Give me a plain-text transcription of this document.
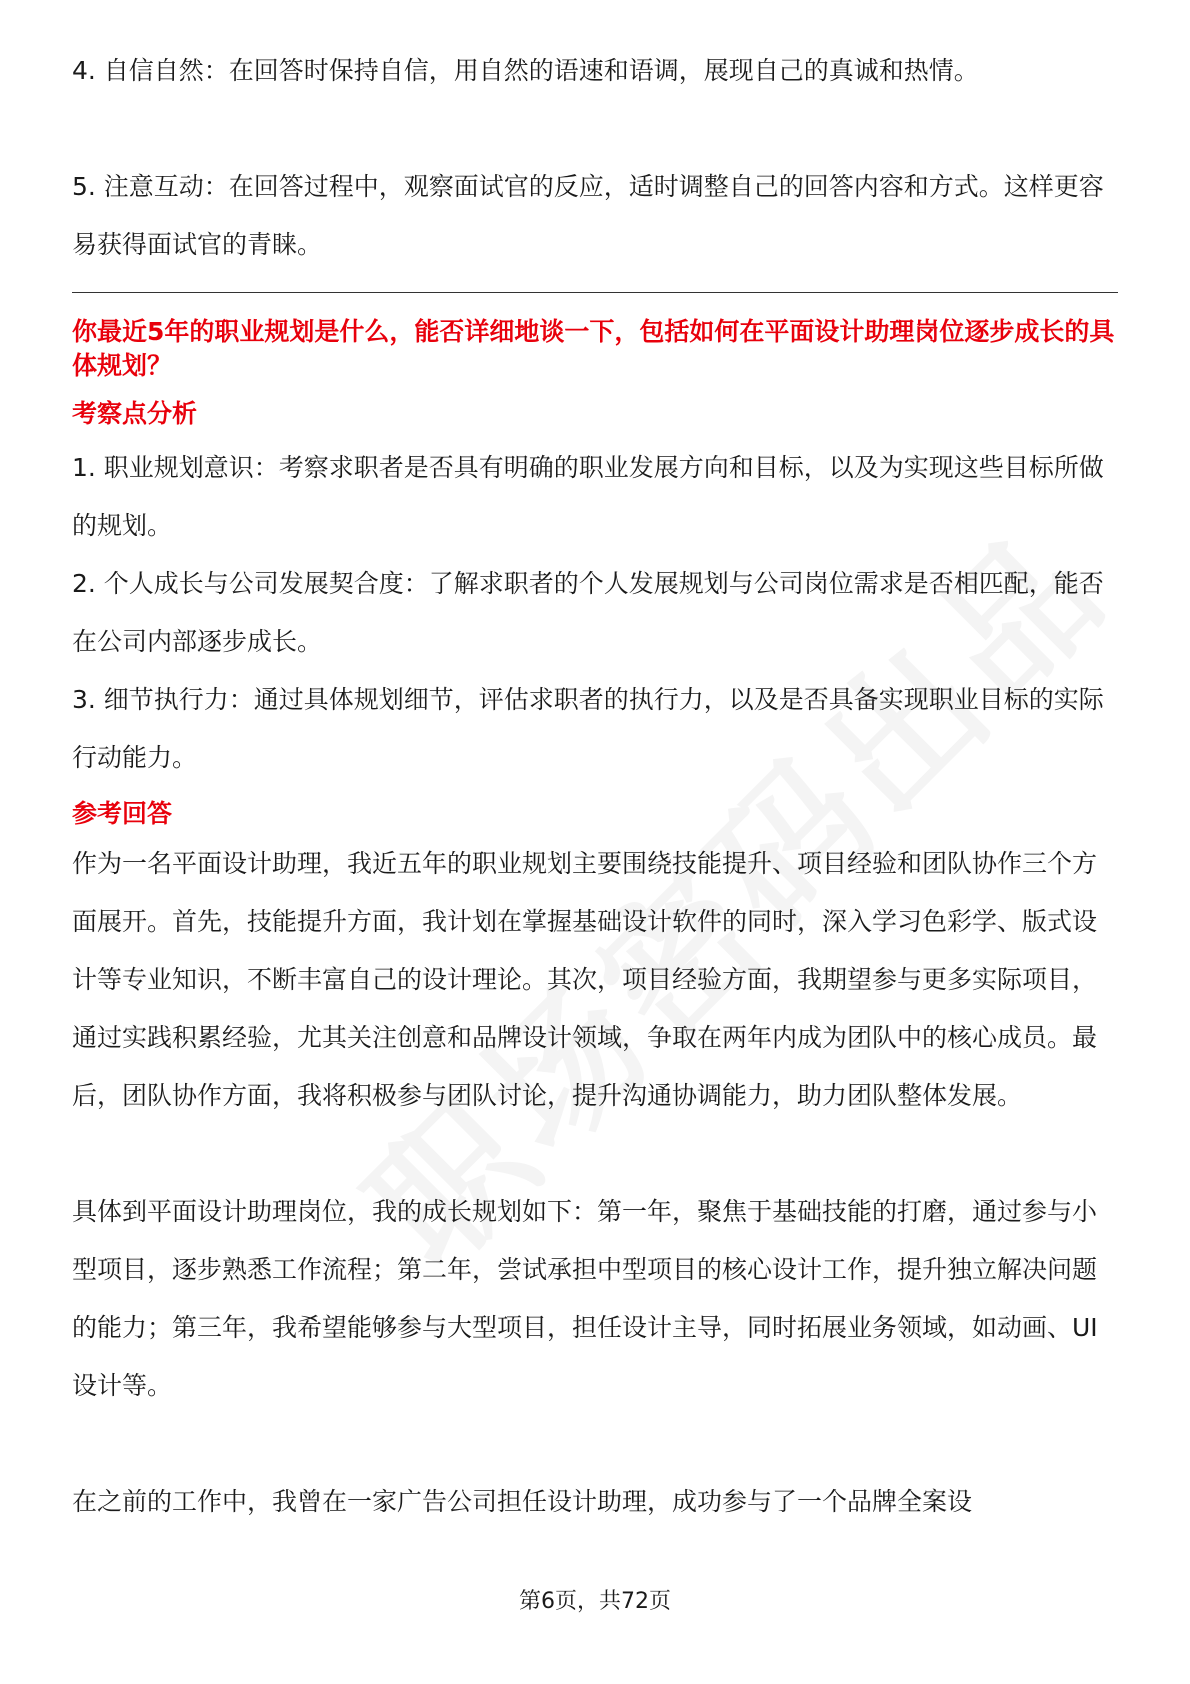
4. 自信自然：在回答时保持自信，用自然的语速和语调，展现自己的真诚和热情。

5. 注意互动：在回答过程中，观察面试官的反应，适时调整自己的回答内容和方式。这样更容易获得面试官的青睐。

你最近5年的职业规划是什么，能否详细地谈一下，包括如何在平面设计助理岗位逐步成长的具体规划？
考察点分析

1. 职业规划意识：考察求职者是否具有明确的职业发展方向和目标，以及为实现这些目标所做的规划。

2. 个人成长与公司发展契合度：了解求职者的个人发展规划与公司岗位需求是否相匹配，能否在公司内部逐步成长。

3. 细节执行力：通过具体规划细节，评估求职者的执行力，以及是否具备实现职业目标的实际行动能力。

参考回答

作为一名平面设计助理，我近五年的职业规划主要围绕技能提升、项目经验和团队协作三个方面展开。首先，技能提升方面，我计划在掌握基础设计软件的同时，深入学习色彩学、版式设计等专业知识，不断丰富自己的设计理论。其次，项目经验方面，我期望参与更多实际项目，通过实践积累经验，尤其关注创意和品牌设计领域，争取在两年内成为团队中的核心成员。最后，团队协作方面，我将积极参与团队讨论，提升沟通协调能力，助力团队整体发展。

具体到平面设计助理岗位，我的成长规划如下：第一年，聚焦于基础技能的打磨，通过参与小型项目，逐步熟悉工作流程；第二年，尝试承担中型项目的核心设计工作，提升独立解决问题的能力；第三年，我希望能够参与大型项目，担任设计主导，同时拓展业务领域，如动画、UI设计等。

在之前的工作中，我曾在一家广告公司担任设计助理，成功参与了一个品牌全案设

第6页，共72页
